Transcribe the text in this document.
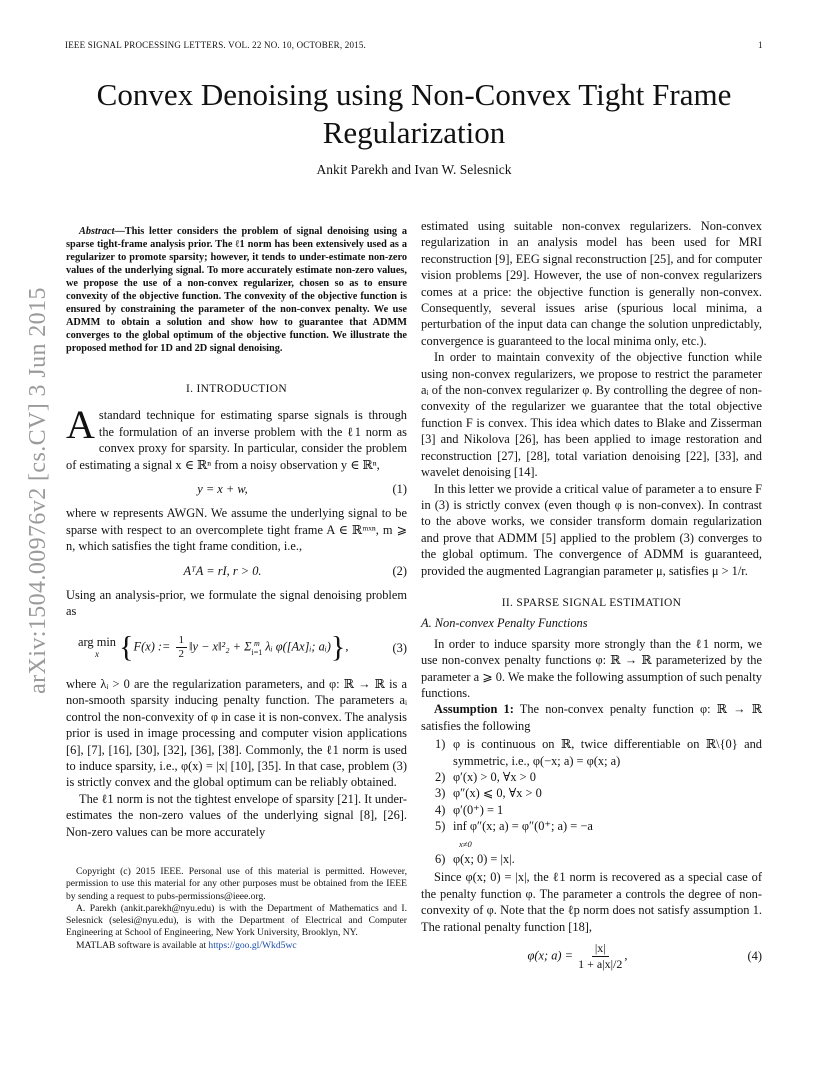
IEEE SIGNAL PROCESSING LETTERS. VOL. 22 NO. 10, OCTOBER, 2015.	1
Convex Denoising using Non-Convex Tight Frame Regularization
Ankit Parekh and Ivan W. Selesnick
arXiv:1504.00976v2 [cs.CV] 3 Jun 2015

Abstract—This letter considers the problem of signal denoising using a sparse tight-frame analysis prior. The ℓ1 norm has been extensively used as a regularizer to promote sparsity; however, it tends to under-estimate non-zero values of the underlying signal. To more accurately estimate non-zero values, we propose the use of a non-convex regularizer, chosen so as to ensure convexity of the objective function. The convexity of the objective function is ensured by constraining the parameter of the non-convex penalty. We use ADMM to obtain a solution and show how to guarantee that ADMM converges to the global optimum of the objective function. We illustrate the proposed method for 1D and 2D signal denoising.

I. INTRODUCTION

Astandard technique for estimating sparse signals is through the formulation of an inverse problem with the ℓ1 norm as convex proxy for sparsity. In particular, consider the problem of estimating a signal x ∈ ℝⁿ from a noisy observation y ∈ ℝⁿ,

y = x + w,	(1)

where w represents AWGN. We assume the underlying signal to be sparse with respect to an overcomplete tight frame A ∈ ℝᵐˣⁿ, m ⩾ n, which satisfies the tight frame condition, i.e.,

AᵀA = rI, r > 0.	(2)

Using an analysis-prior, we formulate the signal denoising problem as

arg min
x {F(x) := $\frac{1}{2}$ ‖y − x‖²₂ + Σ m
i=1 λᵢ φ([Ax]ᵢ; aᵢ)},	(3)

where λᵢ > 0 are the regularization parameters, and φ: ℝ → ℝ is a non-smooth sparsity inducing penalty function. The parameters aᵢ control the non-convexity of φ in case it is non-convex. The analysis prior is used in image processing and computer vision applications [6], [7], [16], [30], [32], [36], [38]. Commonly, the ℓ1 norm is used to induce sparsity, i.e., φ(x) = |x| [10], [35]. In that case, problem (3) is strictly convex and the global optimum can be reliably obtained.

The ℓ1 norm is not the tightest envelope of sparsity [21]. It under-estimates the non-zero values of the underlying signal [8], [26]. Non-zero values can be more accurately

Copyright (c) 2015 IEEE. Personal use of this material is permitted. However, permission to use this material for any other purposes must be obtained from the IEEE by sending a request to pubs-permissions@ieee.org.

A. Parekh (ankit.parekh@nyu.edu) is with the Department of Mathematics and I. Selesnick (selesi@nyu.edu), is with the Department of Electrical and Computer Engineering at School of Engineering, New York University, Brooklyn, NY.

MATLAB software is available at https://goo.gl/Wkd5wc

estimated using suitable non-convex regularizers. Non-convex regularization in an analysis model has been used for MRI reconstruction [9], EEG signal reconstruction [25], and for computer vision problems [29]. However, the use of non-convex regularizers comes at a price: the objective function is generally non-convex. Consequently, several issues arise (spurious local minima, a perturbation of the input data can change the solution unpredictably, convergence is guaranteed to the local minima only, etc.).

In order to maintain convexity of the objective function while using non-convex regularizers, we propose to restrict the parameter aᵢ of the non-convex regularizer φ. By controlling the degree of non-convexity of the regularizer we guarantee that the total objective function F is convex. This idea which dates to Blake and Zisserman [3] and Nikolova [26], has been applied to image restoration and reconstruction [27], [28], total variation denoising [22], [33], and wavelet denoising [14].

In this letter we provide a critical value of parameter a to ensure F in (3) is strictly convex (even though φ is non-convex). In contrast to the above works, we consider transform domain regularization and prove that ADMM [5] applied to the problem (3) converges to the global optimum. The convergence of ADMM is guaranteed, provided the augmented Lagrangian parameter μ, satisfies μ > 1/r.

II. SPARSE SIGNAL ESTIMATION
A. Non-convex Penalty Functions

In order to induce sparsity more strongly than the ℓ1 norm, we use non-convex penalty functions φ: ℝ → ℝ parameterized by the parameter a ⩾ 0. We make the following assumption of such penalty functions.

Assumption 1: The non-convex penalty function φ: ℝ → ℝ satisfies the following

1) φ is continuous on ℝ, twice differentiable on ℝ\{0} and symmetric, i.e., φ(−x; a) = φ(x; a)
2) φ′(x) > 0, ∀x > 0
3) φ″(x) ⩽ 0, ∀x > 0
4) φ′(0⁺) = 1
5) inf φ″(x; a) = φ″(0⁺; a) = −a
x≠0
6) φ(x; 0) = |x|.

Since φ(x; 0) = |x|, the ℓ1 norm is recovered as a special case of the penalty function φ. The parameter a controls the degree of non-convexity of φ. Note that the ℓp norm does not satisfy assumption 1. The rational penalty function [18],

φ(x; $a) = \frac{|x|}{1 + a|x|/2}$ ,	(4)
